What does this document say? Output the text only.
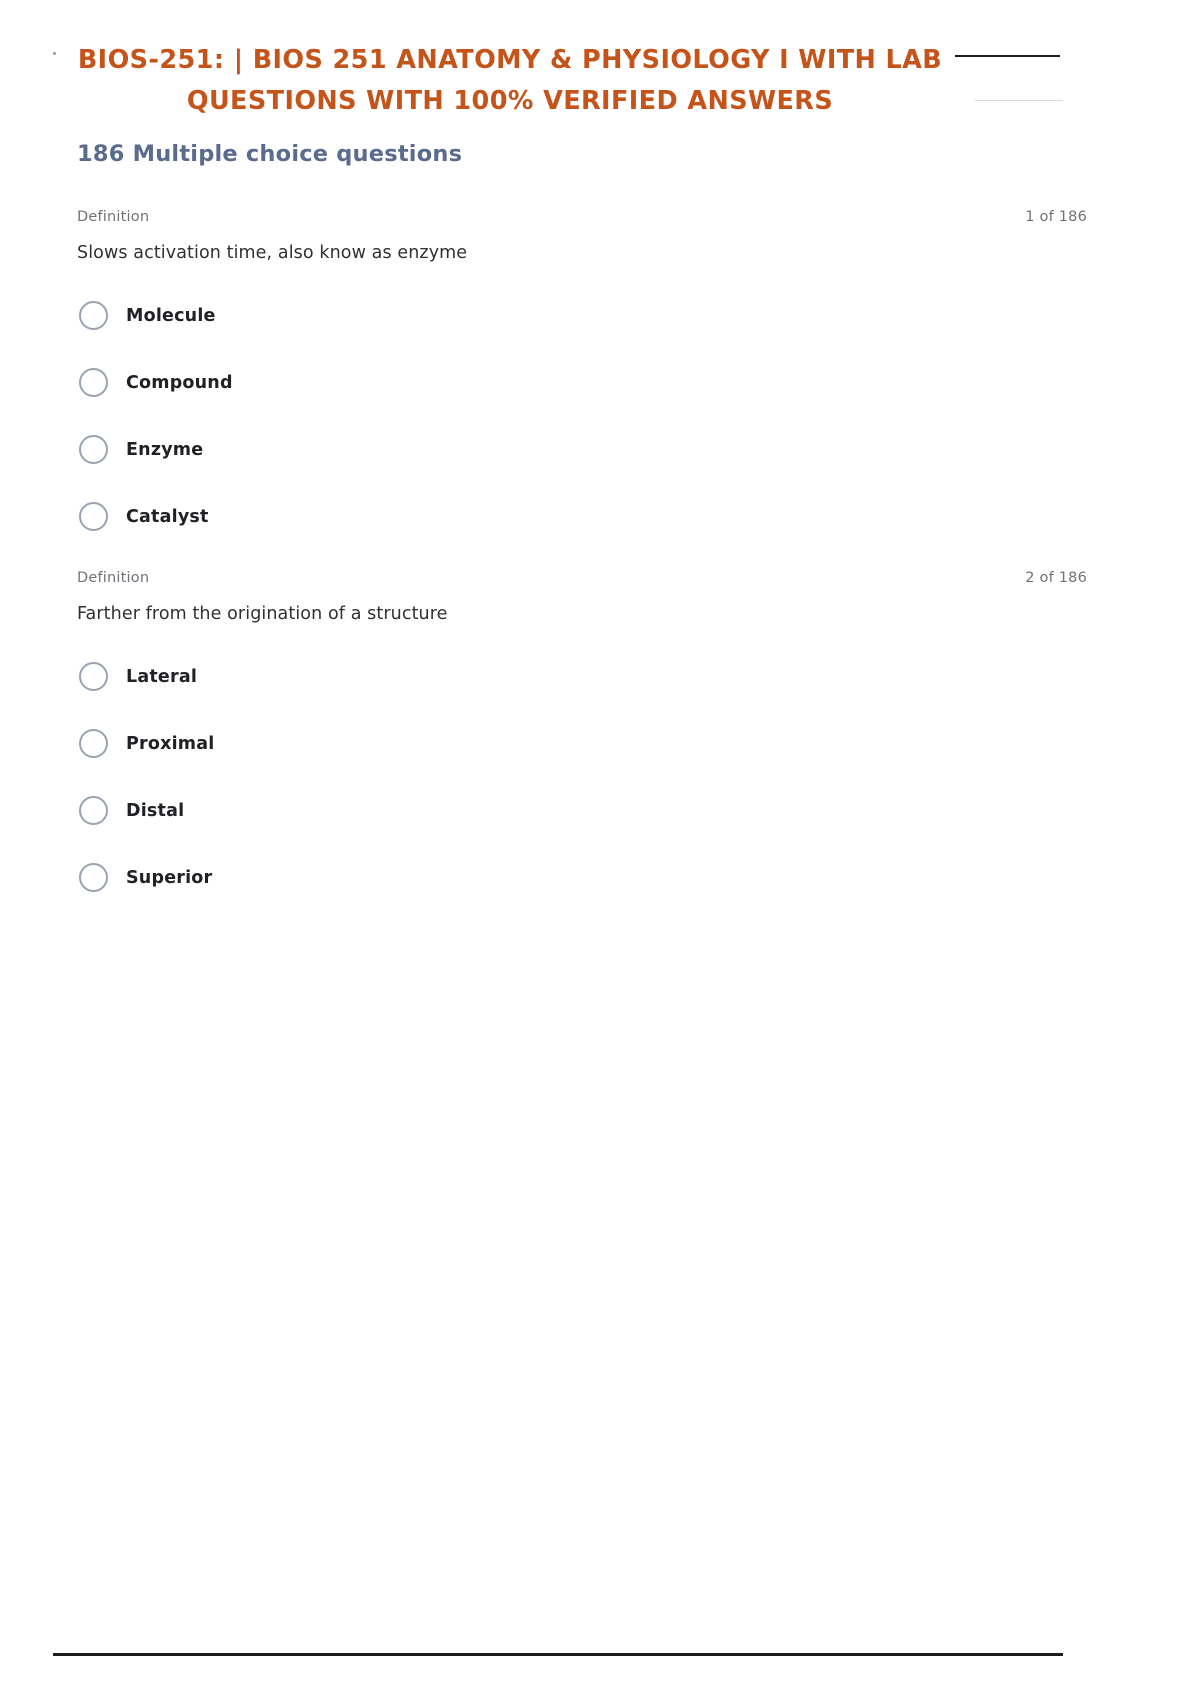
BIOS-251: | BIOS 251 ANATOMY & PHYSIOLOGY I WITH LAB QUESTIONS WITH 100% VERIFIED ANSWERS
186 Multiple choice questions
Definition	1 of 186
Slows activation time, also know as enzyme
Molecule
Compound
Enzyme
Catalyst
Definition	2 of 186
Farther from the origination of a structure
Lateral
Proximal
Distal
Superior
